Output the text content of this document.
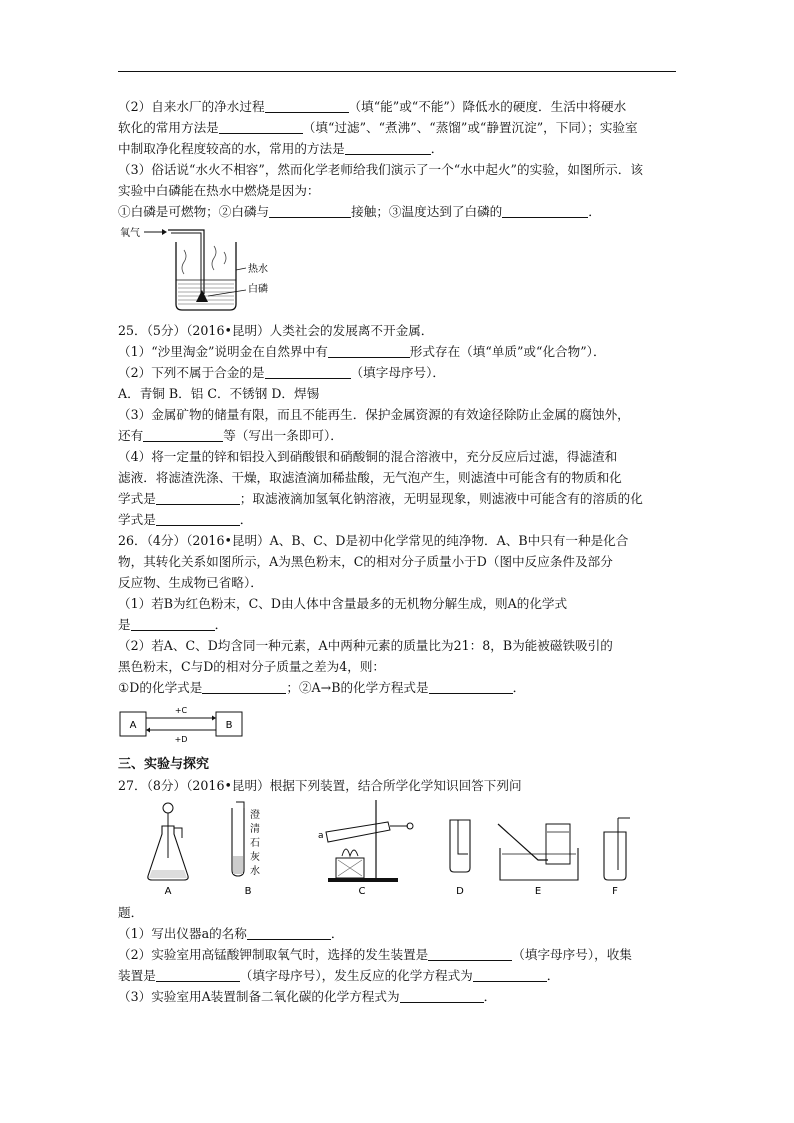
（2）自来水厂的净水过程	（填“能”或“不能”）降低水的硬度．生活中将硬水

软化的常用方法是	（填“过滤”、“煮沸”、“蒸馏”或“静置沉淀”，下同）；实验室

中制取净化程度较高的水，常用的方法是	．

（3）俗话说“水火不相容”，然而化学老师给我们演示了一个“水中起火”的实验，如图所示．该

实验中白磷能在热水中燃烧是因为：

①白磷是可燃物；②白磷与	接触；③温度达到了白磷的	．

氧气
热水
白磷

25．（5分）（2016•昆明）人类社会的发展离不开金属．

（1）“沙里淘金”说明金在自然界中有	形式存在（填“单质”或“化合物”）．

（2）下列不属于合金的是	（填字母序号）．

A．青铜 B．铝 C．不锈钢 D．焊锡

（3）金属矿物的储量有限，而且不能再生．保护金属资源的有效途径除防止金属的腐蚀外，

还有	等（写出一条即可）．

（4）将一定量的锌和铝投入到硝酸银和硝酸铜的混合溶液中，充分反应后过滤，得滤渣和

滤液．将滤渣洗涤、干燥，取滤渣滴加稀盐酸，无气泡产生，则滤渣中可能含有的物质和化

学式是	；取滤液滴加氢氧化钠溶液，无明显现象，则滤液中可能含有的溶质的化

学式是	．

26．（4分）（2016•昆明）A、B、C、D是初中化学常见的纯净物．A、B中只有一种是化合

物，其转化关系如图所示，A为黑色粉末，C的相对分子质量小于D（图中反应条件及部分

反应物、生成物已省略）．

（1）若B为红色粉末，C、D由人体中含量最多的无机物分解生成，则A的化学式

是	．

（2）若A、C、D均含同一种元素，A中两种元素的质量比为21：8，B为能被磁铁吸引的

黑色粉末，C与D的相对分子质量之差为4，则：

①D的化学式是	；②A→B的化学方程式是	．

A	B
+C
+D

三、实验与探究

27．（8分）（2016•昆明）根据下列装置，结合所学化学知识回答下列问

A
澄
清
石
灰
水
B
a
C	D	E	F

题．

（1）写出仪器a的名称	．

（2）实验室用高锰酸钾制取氧气时，选择的发生装置是	（填字母序号），收集

装置是	（填字母序号），发生反应的化学方程式为	．

（3）实验室用A装置制备二氧化碳的化学方程式为	．
